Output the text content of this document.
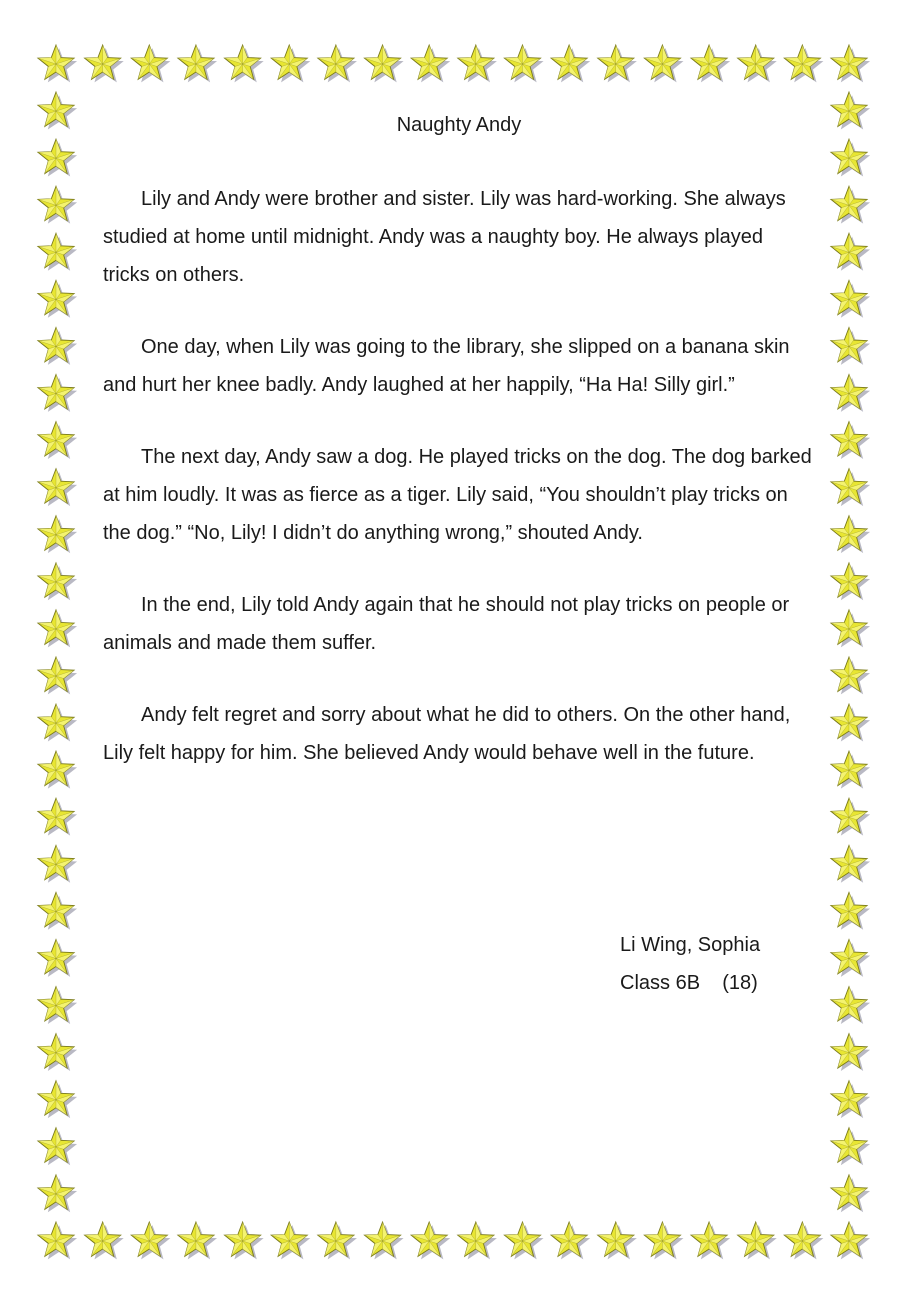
Naughty Andy

Lily and Andy were brother and sister. Lily was hard-working. She always studied at home until midnight. Andy was a naughty boy. He always played tricks on others.

One day, when Lily was going to the library, she slipped on a banana skin and hurt her knee badly. Andy laughed at her happily, “Ha Ha! Silly girl.”

The next day, Andy saw a dog. He played tricks on the dog. The dog barked at him loudly. It was as fierce as a tiger. Lily said, “You shouldn’t play tricks on the dog.” “No, Lily! I didn’t do anything wrong,” shouted Andy.

In the end, Lily told Andy again that he should not play tricks on people or animals and made them suffer.

Andy felt regret and sorry about what he did to others. On the other hand, Lily felt happy for him. She believed Andy would behave well in the future.

Li Wing, Sophia
Class 6B    (18)
